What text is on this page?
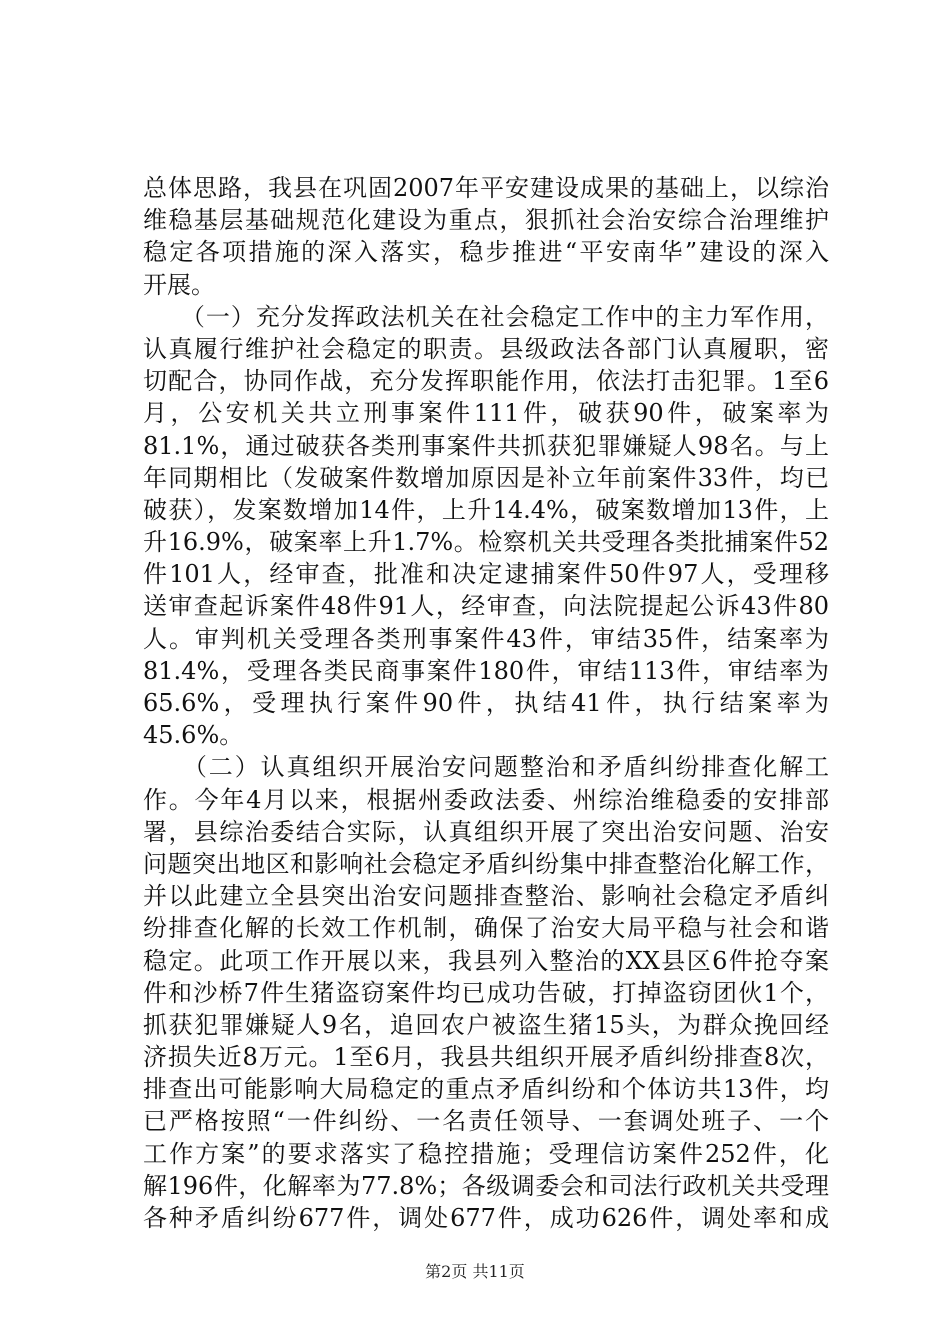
总体思路，我县在巩固2007年平安建设成果的基础上，以综治
维稳基层基础规范化建设为重点，狠抓社会治安综合治理维护
稳定各项措施的深入落实，稳步推进“平安南华”建设的深入
开展。
　　（一）充分发挥政法机关在社会稳定工作中的主力军作用，
认真履行维护社会稳定的职责。县级政法各部门认真履职，密
切配合，协同作战，充分发挥职能作用，依法打击犯罪。1至6
月，公安机关共立刑事案件111件，破获90件，破案率为
81.1%，通过破获各类刑事案件共抓获犯罪嫌疑人98名。与上
年同期相比（发破案件数增加原因是补立年前案件33件，均已
破获），发案数增加14件，上升14.4%，破案数增加13件，上
升16.9%，破案率上升1.7%。检察机关共受理各类批捕案件52
件101人，经审查，批准和决定逮捕案件50件97人，受理移
送审查起诉案件48件91人，经审查，向法院提起公诉43件80
人。审判机关受理各类刑事案件43件，审结35件，结案率为
81.4%，受理各类民商事案件180件，审结113件，审结率为
65.6%，受理执行案件90件，执结41件，执行结案率为
45.6%。
　　（二）认真组织开展治安问题整治和矛盾纠纷排查化解工
作。今年4月以来，根据州委政法委、州综治维稳委的安排部
署，县综治委结合实际，认真组织开展了突出治安问题、治安
问题突出地区和影响社会稳定矛盾纠纷集中排查整治化解工作，
并以此建立全县突出治安问题排查整治、影响社会稳定矛盾纠
纷排查化解的长效工作机制，确保了治安大局平稳与社会和谐
稳定。此项工作开展以来，我县列入整治的XX县区6件抢夺案
件和沙桥7件生猪盗窃案件均已成功告破，打掉盗窃团伙1个，
抓获犯罪嫌疑人9名，追回农户被盗生猪15头，为群众挽回经
济损失近8万元。1至6月，我县共组织开展矛盾纠纷排查8次，
排查出可能影响大局稳定的重点矛盾纠纷和个体访共13件，均
已严格按照“一件纠纷、一名责任领导、一套调处班子、一个
工作方案”的要求落实了稳控措施；受理信访案件252件，化
解196件，化解率为77.8%；各级调委会和司法行政机关共受理
各种矛盾纠纷677件，调处677件，成功626件，调处率和成
第2页 共11页
